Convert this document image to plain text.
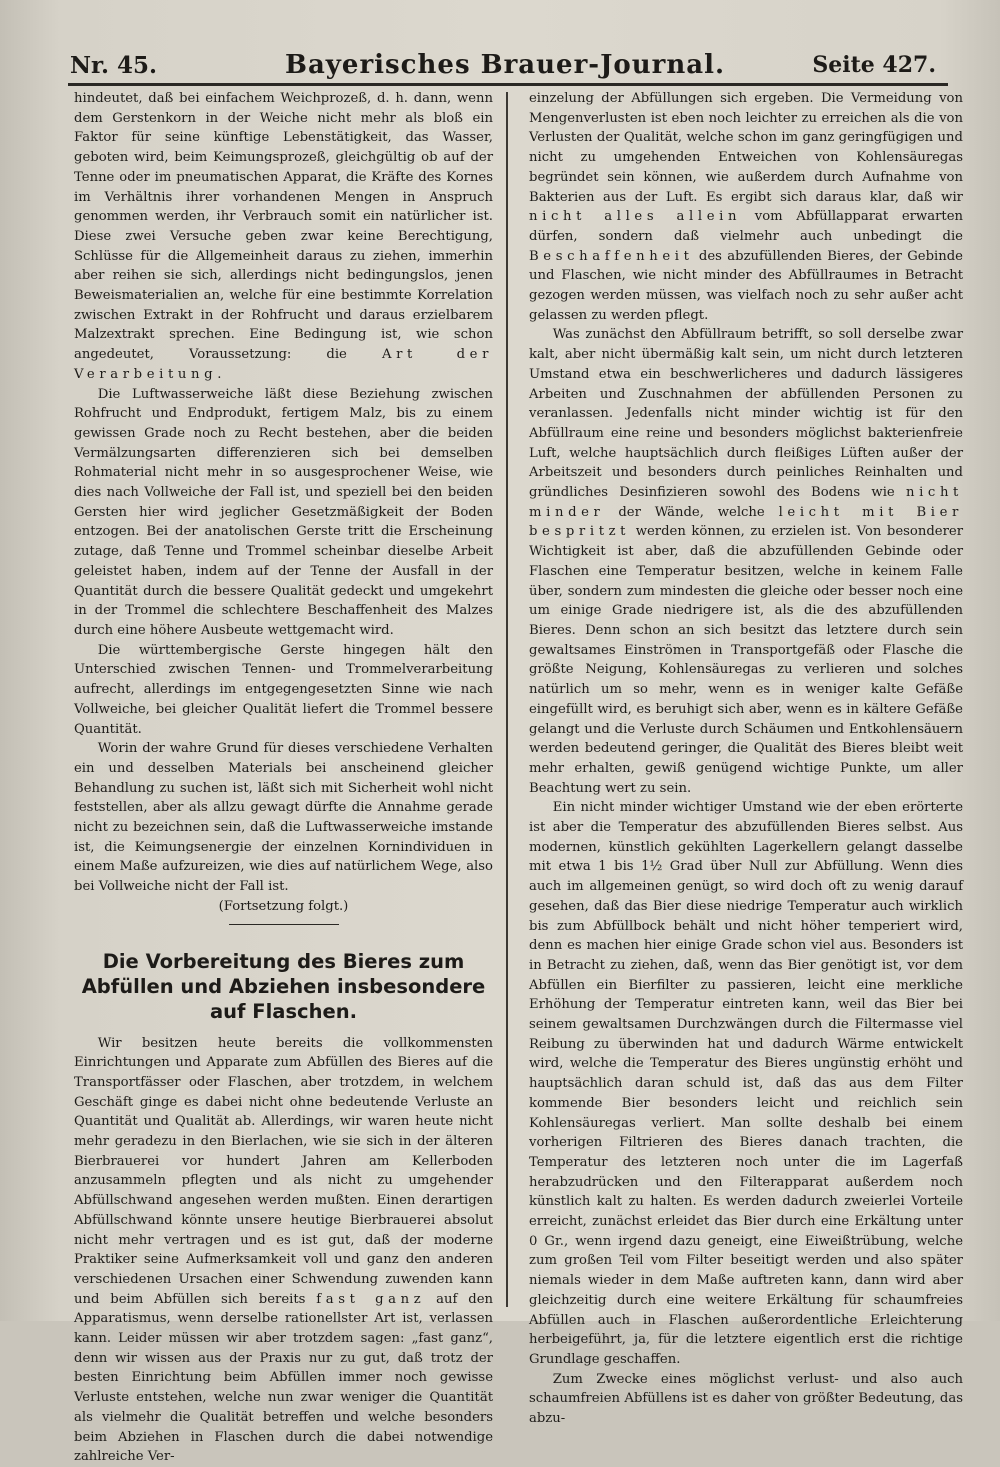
Nr. 45.	Bayerisches Brauer-Journal.	Seite 427.

hindeutet, daß bei einfachem Weichprozeß, d. h. dann, wenn dem Gerstenkorn in der Weiche nicht mehr als bloß ein Faktor für seine künftige Lebenstätigkeit, das Wasser, geboten wird, beim Keimungsprozeß, gleichgültig ob auf der Tenne oder im pneumatischen Apparat, die Kräfte des Kornes im Verhältnis ihrer vorhandenen Mengen in Anspruch genommen werden, ihr Verbrauch somit ein natürlicher ist. Diese zwei Versuche geben zwar keine Berechtigung, Schlüsse für die Allgemeinheit daraus zu ziehen, immerhin aber reihen sie sich, allerdings nicht bedingungslos, jenen Beweismaterialien an, welche für eine bestimmte Korrelation zwischen Extrakt in der Rohfrucht und daraus erzielbarem Malzextrakt sprechen. Eine Bedingung ist, wie schon angedeutet, Voraussetzung: die	Art der Verarbeitung.

Die Luftwasserweiche läßt diese Beziehung zwischen Rohfrucht und Endprodukt, fertigem Malz, bis zu einem gewissen Grade noch zu Recht bestehen, aber die beiden Vermälzungsarten differenzieren sich bei demselben Rohmaterial nicht mehr in so ausgesprochener Weise, wie dies nach Vollweiche der Fall ist, und speziell bei den beiden Gersten hier wird jeglicher Gesetzmäßigkeit der Boden entzogen. Bei der anatolischen Gerste tritt die Erscheinung zutage, daß Tenne und Trommel scheinbar dieselbe Arbeit geleistet haben, indem auf der Tenne der Ausfall in der Quantität durch die bessere Qualität gedeckt und umgekehrt in der Trommel die schlechtere Beschaffenheit des Malzes durch eine höhere Ausbeute wettgemacht wird.

Die württembergische Gerste hingegen hält den Unterschied zwischen Tennen- und Trommelverarbeitung aufrecht, allerdings im entgegengesetzten Sinne wie nach Vollweiche, bei gleicher Qualität liefert die Trommel bessere Quantität.

Worin der wahre Grund für dieses verschiedene Verhalten ein und desselben Materials bei anscheinend gleicher Behandlung zu suchen ist, läßt sich mit Sicherheit wohl nicht feststellen, aber als allzu gewagt dürfte die Annahme gerade nicht zu bezeichnen sein, daß die Luftwasserweiche imstande ist, die Keimungsenergie der einzelnen Kornindividuen in einem Maße aufzureizen, wie dies auf natürlichem Wege, also bei Vollweiche nicht der Fall ist.

(Fortsetzung folgt.)

Die Vorbereitung des Bieres zum Abfüllen und Abziehen insbesondere auf Flaschen.

Wir besitzen heute bereits die vollkommensten Einrichtungen und Apparate zum Abfüllen des Bieres auf die Transportfässer oder Flaschen, aber trotzdem, in welchem Geschäft ginge es dabei nicht ohne bedeutende Verluste an Quantität und Qualität ab. Allerdings, wir waren heute nicht mehr geradezu in den Bierlachen, wie sie sich in der älteren Bierbrauerei vor hundert Jahren am Kellerboden anzusammeln pflegten und als nicht zu umgehender Abfüllschwand angesehen werden mußten. Einen derartigen Abfüllschwand könnte unsere heutige Bierbrauerei absolut nicht mehr vertragen und es ist gut, daß der moderne Praktiker seine Aufmerksamkeit voll und ganz den anderen verschiedenen Ursachen einer Schwendung zuwenden kann und beim Abfüllen sich bereits fast ganz auf den Apparatismus, wenn derselbe rationellster Art ist, verlassen kann. Leider müssen wir aber trotzdem sagen: „fast ganz“, denn wir wissen aus der Praxis nur zu gut, daß trotz der besten Einrichtung beim Abfüllen immer noch gewisse Verluste entstehen, welche nun zwar weniger die Quantität als vielmehr die Qualität betreffen und welche besonders beim Abziehen in Flaschen durch die dabei notwendige zahlreiche Ver-

einzelung der Abfüllungen sich ergeben. Die Vermeidung von Mengenverlusten ist eben noch leichter zu erreichen als die von Verlusten der Qualität, welche schon im ganz geringfügigen und nicht zu umgehenden Entweichen von Kohlensäuregas begründet sein können, wie außerdem durch Aufnahme von Bakterien aus der Luft. Es ergibt sich daraus klar, daß wir nicht alles allein vom Abfüllapparat erwarten dürfen, sondern daß vielmehr auch unbedingt die Beschaffenheit des abzufüllenden Bieres, der Gebinde und Flaschen, wie nicht minder des Abfüllraumes in Betracht gezogen werden müssen, was vielfach noch zu sehr außer acht gelassen zu werden pflegt.

Was zunächst den Abfüllraum betrifft, so soll derselbe zwar kalt, aber nicht übermäßig kalt sein, um nicht durch letzteren Umstand etwa ein beschwerlicheres und dadurch lässigeres Arbeiten und Zuschnahmen der abfüllenden Personen zu veranlassen. Jedenfalls nicht minder wichtig ist für den Abfüllraum eine reine und besonders möglichst bakterienfreie Luft, welche hauptsächlich durch fleißiges Lüften außer der Arbeitszeit und besonders durch peinliches Reinhalten und gründliches Desinfizieren sowohl des Bodens wie nicht minder der Wände, welche leicht mit Bier bespritzt werden können, zu erzielen ist. Von besonderer Wichtigkeit ist aber, daß die abzufüllenden Gebinde oder Flaschen eine Temperatur besitzen, welche in keinem Falle über, sondern zum mindesten die gleiche oder besser noch eine um einige Grade niedrigere ist, als die des abzufüllenden Bieres. Denn schon an sich besitzt das letztere durch sein gewaltsames Einströmen in Transportgefäß oder Flasche die größte Neigung, Kohlensäuregas zu verlieren und solches natürlich um so mehr, wenn es in weniger kalte Gefäße eingefüllt wird, es beruhigt sich aber, wenn es in kältere Gefäße gelangt und die Verluste durch Schäumen und Entkohlensäuern werden bedeutend geringer, die Qualität des Bieres bleibt weit mehr erhalten, gewiß genügend wichtige Punkte, um aller Beachtung wert zu sein.

Ein nicht minder wichtiger Umstand wie der eben erörterte ist aber die Temperatur des abzufüllenden Bieres selbst. Aus modernen, künstlich gekühlten Lagerkellern gelangt dasselbe mit etwa 1 bis 1½ Grad über Null zur Abfüllung. Wenn dies auch im allgemeinen genügt, so wird doch oft zu wenig darauf gesehen, daß das Bier diese niedrige Temperatur auch wirklich bis zum Abfüllbock behält und nicht höher temperiert wird, denn es machen hier einige Grade schon viel aus. Besonders ist in Betracht zu ziehen, daß, wenn das Bier genötigt ist, vor dem Abfüllen ein Bierfilter zu passieren, leicht eine merkliche Erhöhung der Temperatur eintreten kann, weil das Bier bei seinem gewaltsamen Durchzwängen durch die Filtermasse viel Reibung zu überwinden hat und dadurch Wärme entwickelt wird, welche die Temperatur des Bieres ungünstig erhöht und hauptsächlich daran schuld ist, daß das aus dem Filter kommende Bier besonders leicht und reichlich sein Kohlensäuregas verliert. Man sollte deshalb bei einem vorherigen Filtrieren des Bieres danach trachten, die Temperatur des letzteren noch unter die im Lagerfaß herabzudrücken und den Filterapparat außerdem noch künstlich kalt zu halten. Es werden dadurch zweierlei Vorteile erreicht, zunächst erleidet das Bier durch eine Erkältung unter 0 Gr., wenn irgend dazu geneigt, eine Eiweißtrübung, welche zum großen Teil vom Filter beseitigt werden und also später niemals wieder in dem Maße auftreten kann, dann wird aber gleichzeitig durch eine weitere Erkältung für schaumfreies Abfüllen auch in Flaschen außerordentliche Erleichterung herbeigeführt, ja, für die letztere eigentlich erst die richtige Grundlage geschaffen.

Zum Zwecke eines möglichst verlust- und also auch schaumfreien Abfüllens ist es daher von größter Bedeutung, das abzu-
